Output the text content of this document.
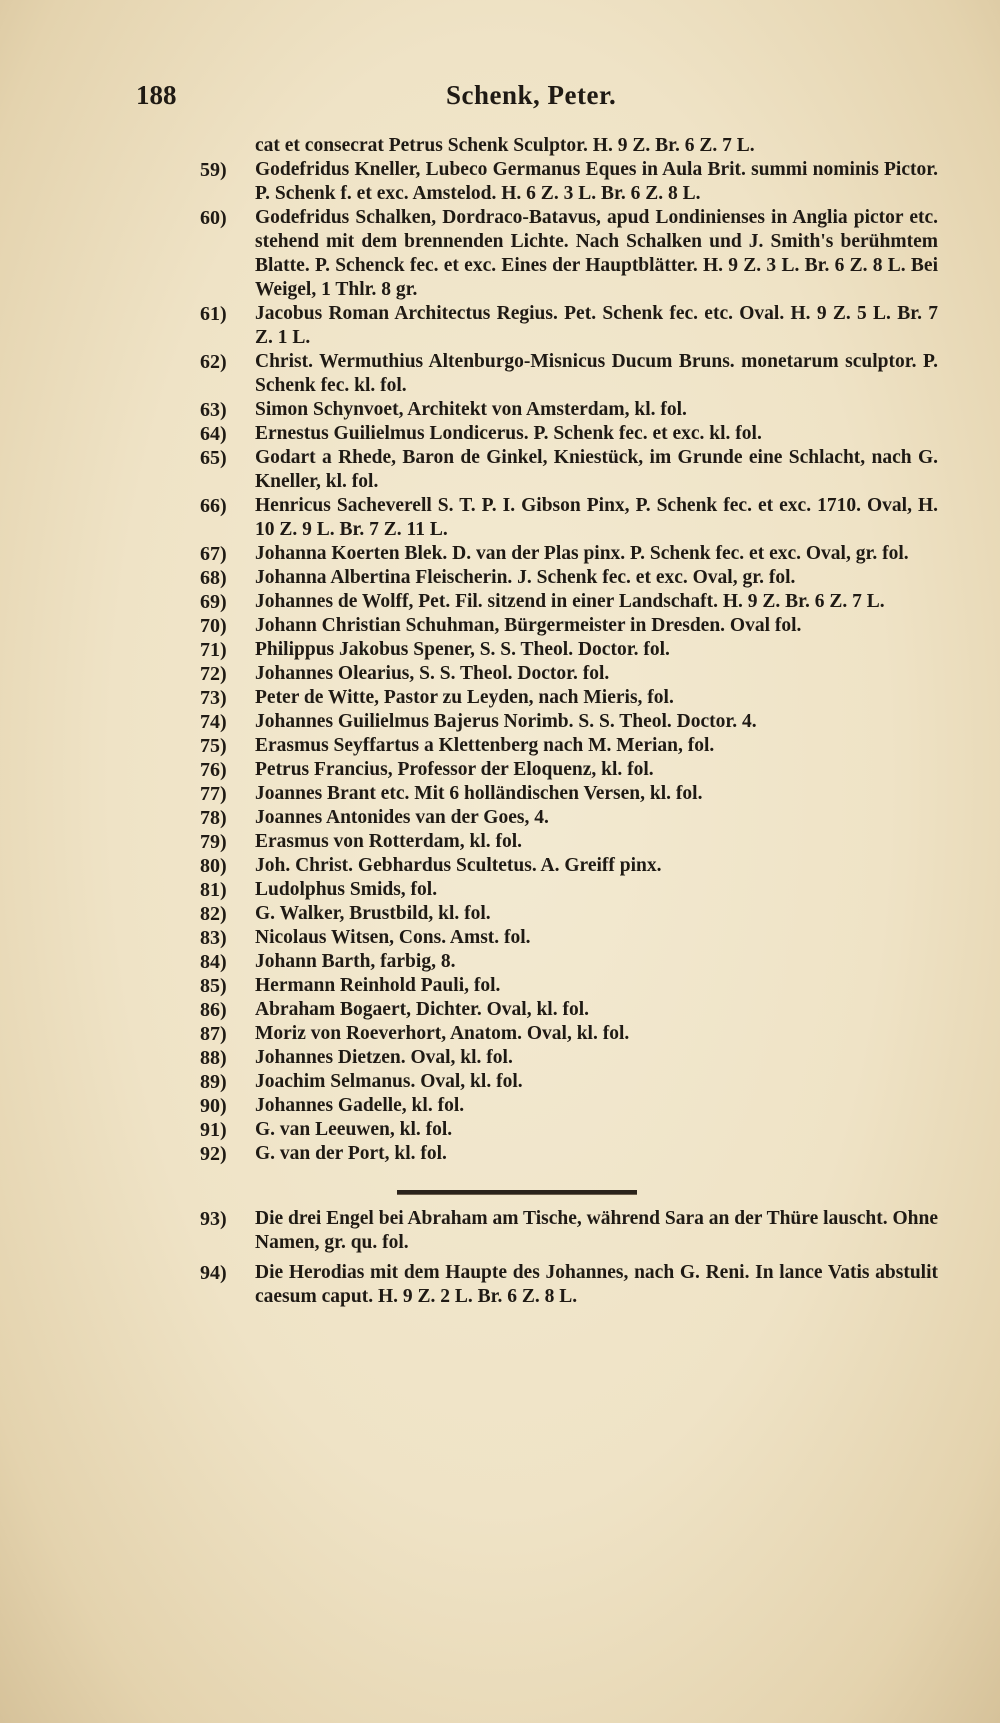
188	Schenk, Peter.
cat et consecrat Petrus Schenk Sculptor. H. 9 Z. Br. 6 Z. 7 L.
59)	Godefridus Kneller, Lubeco Germanus Eques in Aula Brit. summi nominis Pictor. P. Schenk f. et exc. Amstelod. H. 6 Z. 3 L. Br. 6 Z. 8 L.
60)	Godefridus Schalken, Dordraco-Batavus, apud Londinienses in Anglia pictor etc. stehend mit dem brennenden Lichte. Nach Schalken und J. Smith's berühmtem Blatte. P. Schenck fec. et exc. Eines der Hauptblätter. H. 9 Z. 3 L. Br. 6 Z. 8 L. Bei Weigel, 1 Thlr. 8 gr.
61)	Jacobus Roman Architectus Regius. Pet. Schenk fec. etc. Oval. H. 9 Z. 5 L. Br. 7 Z. 1 L.
62)	Christ. Wermuthius Altenburgo-Misnicus Ducum Bruns. monetarum sculptor. P. Schenk fec. kl. fol.
63)	Simon Schynvoet, Architekt von Amsterdam, kl. fol.
64)	Ernestus Guilielmus Londicerus. P. Schenk fec. et exc. kl. fol.
65)	Godart a Rhede, Baron de Ginkel, Kniestück, im Grunde eine Schlacht, nach G. Kneller, kl. fol.
66)	Henricus Sacheverell S. T. P. I. Gibson Pinx, P. Schenk fec. et exc. 1710. Oval, H. 10 Z. 9 L. Br. 7 Z. 11 L.
67)	Johanna Koerten Blek. D. van der Plas pinx. P. Schenk fec. et exc. Oval, gr. fol.
68)	Johanna Albertina Fleischerin. J. Schenk fec. et exc. Oval, gr. fol.
69)	Johannes de Wolff, Pet. Fil. sitzend in einer Landschaft. H. 9 Z. Br. 6 Z. 7 L.
70)	Johann Christian Schuhman, Bürgermeister in Dresden. Oval fol.
71)	Philippus Jakobus Spener, S. S. Theol. Doctor. fol.
72)	Johannes Olearius, S. S. Theol. Doctor. fol.
73)	Peter de Witte, Pastor zu Leyden, nach Mieris, fol.
74)	Johannes Guilielmus Bajerus Norimb. S. S. Theol. Doctor. 4.
75)	Erasmus Seyffartus a Klettenberg nach M. Merian, fol.
76)	Petrus Francius, Professor der Eloquenz, kl. fol.
77)	Joannes Brant etc. Mit 6 holländischen Versen, kl. fol.
78)	Joannes Antonides van der Goes, 4.
79)	Erasmus von Rotterdam, kl. fol.
80)	Joh. Christ. Gebhardus Scultetus. A. Greiff pinx.
81)	Ludolphus Smids, fol.
82)	G. Walker, Brustbild, kl. fol.
83)	Nicolaus Witsen, Cons. Amst. fol.
84)	Johann Barth, farbig, 8.
85)	Hermann Reinhold Pauli, fol.
86)	Abraham Bogaert, Dichter. Oval, kl. fol.
87)	Moriz von Roeverhort, Anatom. Oval, kl. fol.
88)	Johannes Dietzen. Oval, kl. fol.
89)	Joachim Selmanus. Oval, kl. fol.
90)	Johannes Gadelle, kl. fol.
91)	G. van Leeuwen, kl. fol.
92)	G. van der Port, kl. fol.
93)	Die drei Engel bei Abraham am Tische, während Sara an der Thüre lauscht. Ohne Namen, gr. qu. fol.
94)	Die Herodias mit dem Haupte des Johannes, nach G. Reni. In lance Vatis abstulit caesum caput. H. 9 Z. 2 L. Br. 6 Z. 8 L.
